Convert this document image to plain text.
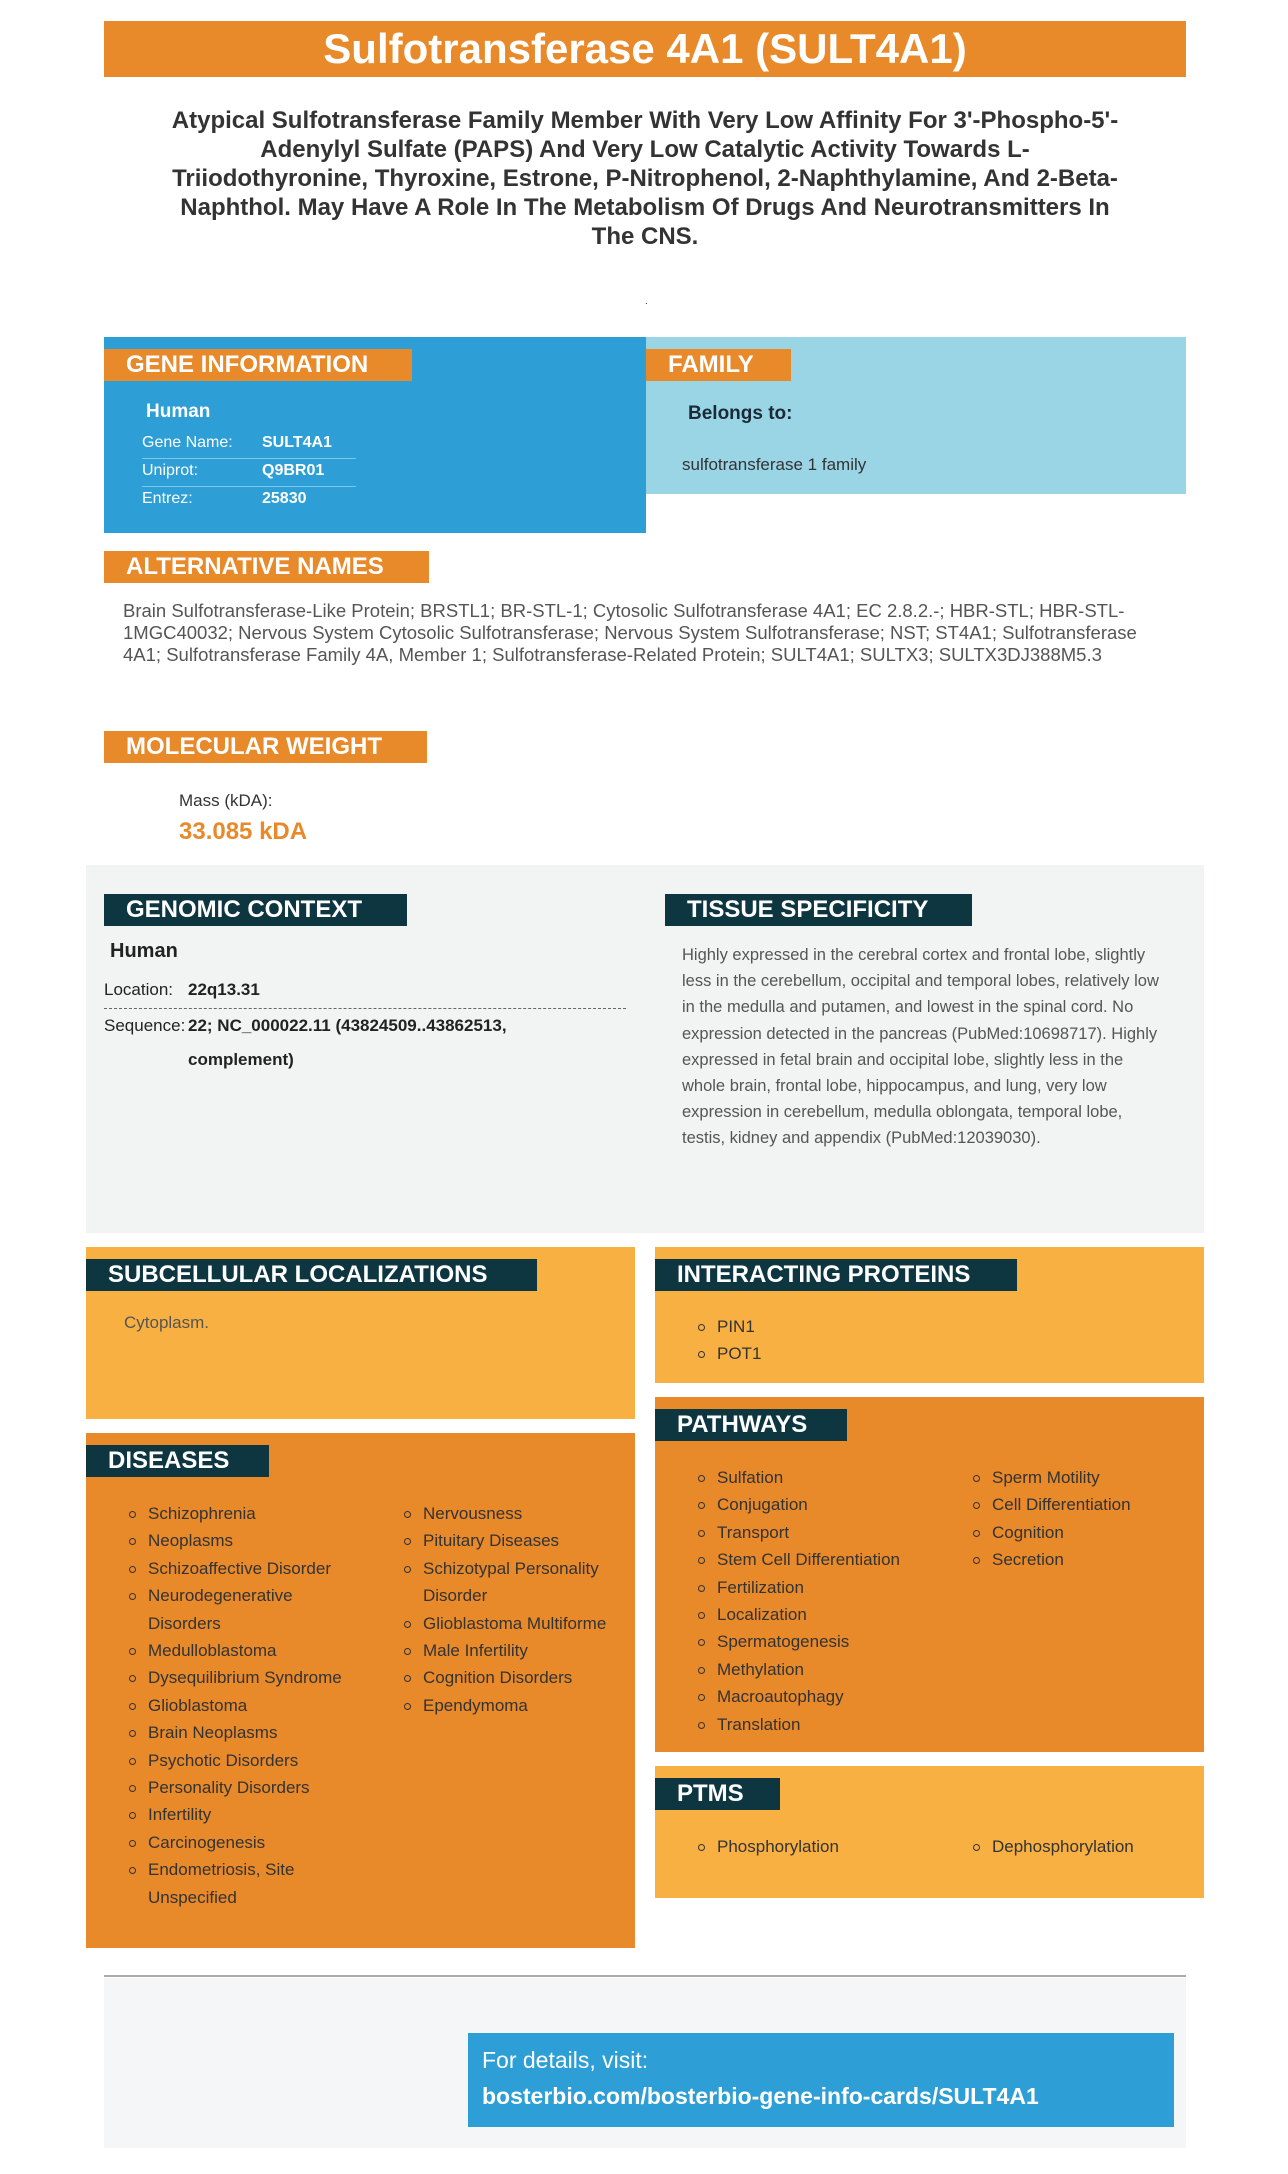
Sulfotransferase 4A1 (SULT4A1)
Atypical Sulfotransferase Family Member With Very Low Affinity For 3'-Phospho-5'-
Adenylyl Sulfate (PAPS) And Very Low Catalytic Activity Towards L-
Triiodothyronine, Thyroxine, Estrone, P-Nitrophenol, 2-Naphthylamine, And 2-Beta-
Naphthol. May Have A Role In The Metabolism Of Drugs And Neurotransmitters In
The CNS.
.
GENE INFORMATION
Human
Gene Name: SULT4A1
Uniprot:	Q9BR01
Entrez:	25830
FAMILY
Belongs to:
sulfotransferase 1 family
ALTERNATIVE NAMES
Brain Sulfotransferase-Like Protein; BRSTL1; BR-STL-1; Cytosolic Sulfotransferase 4A1; EC 2.8.2.-; HBR-STL; HBR-STL-1MGC40032; Nervous System Cytosolic Sulfotransferase; Nervous System Sulfotransferase; NST; ST4A1; Sulfotransferase 4A1; Sulfotransferase Family 4A, Member 1; Sulfotransferase-Related Protein; SULT4A1; SULTX3; SULTX3DJ388M5.3
MOLECULAR WEIGHT
Mass (kDA):
33.085 kDA
GENOMIC CONTEXT
Human
Location: 22q13.31
Sequence: 22; NC_000022.11 (43824509..43862513, complement)
TISSUE SPECIFICITY
Highly expressed in the cerebral cortex and frontal lobe, slightly less in the cerebellum, occipital and temporal lobes, relatively low in the medulla and putamen, and lowest in the spinal cord. No expression detected in the pancreas (PubMed:10698717). Highly expressed in fetal brain and occipital lobe, slightly less in the whole brain, frontal lobe, hippocampus, and lung, very low expression in cerebellum, medulla oblongata, temporal lobe, testis, kidney and appendix (PubMed:12039030).
SUBCELLULAR LOCALIZATIONS
Cytoplasm.
INTERACTING PROTEINS
PIN1
POT1
DISEASES
Schizophrenia
Neoplasms
Schizoaffective Disorder
Neurodegenerative Disorders
Medulloblastoma
Dysequilibrium Syndrome
Glioblastoma
Brain Neoplasms
Psychotic Disorders
Personality Disorders
Infertility
Carcinogenesis
Endometriosis, Site Unspecified
Nervousness
Pituitary Diseases
Schizotypal Personality Disorder
Glioblastoma Multiforme
Male Infertility
Cognition Disorders
Ependymoma
PATHWAYS
Sulfation
Conjugation
Transport
Stem Cell Differentiation
Fertilization
Localization
Spermatogenesis
Methylation
Macroautophagy
Translation
Sperm Motility
Cell Differentiation
Cognition
Secretion
PTMS
Phosphorylation	Dephosphorylation
For details, visit:
bosterbio.com/bosterbio-gene-info-cards/SULT4A1
